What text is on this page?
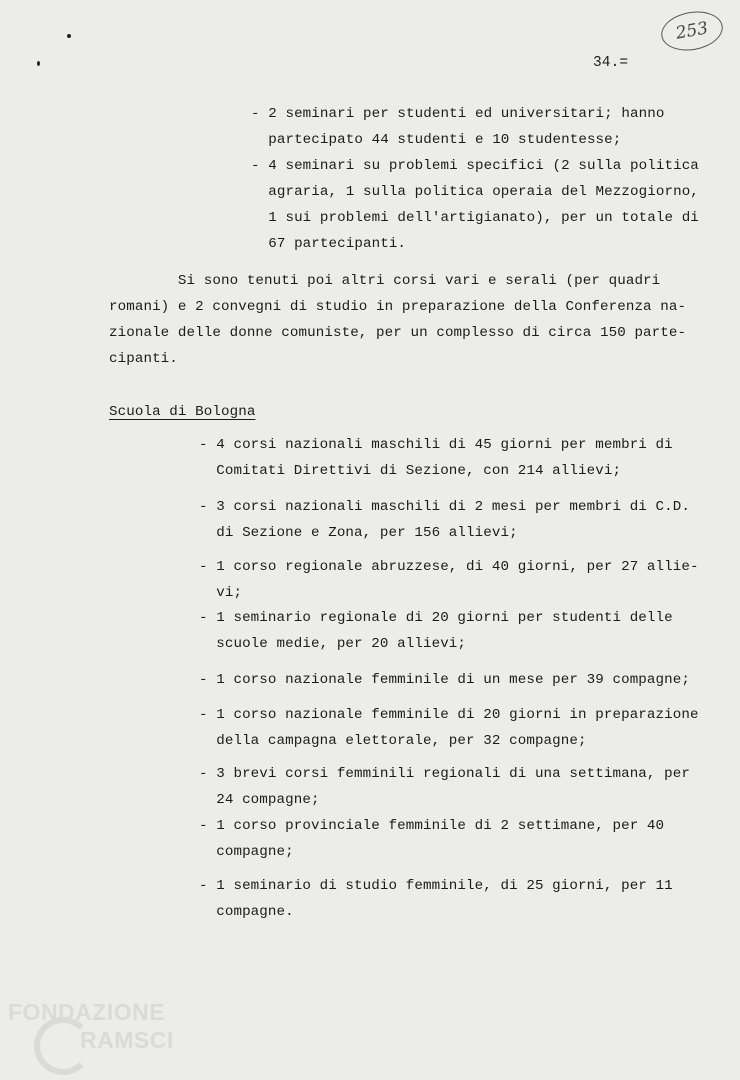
253
34.=
- 2 seminari per studenti ed universitari; hanno
partecipato 44 studenti e 10 studentesse;
- 4 seminari su problemi specifici (2 sulla politica
agraria, 1 sulla politica operaia del Mezzogiorno,
1 sui problemi dell'artigianato), per un totale di
67 partecipanti.
Si sono tenuti poi altri corsi vari e serali (per quadri
romani) e 2 convegni di studio in preparazione della Conferenza na-
zionale delle donne comuniste, per un complesso di circa 150 parte-
cipanti.
Scuola di Bologna
- 4 corsi nazionali maschili di 45 giorni per membri di
Comitati Direttivi di Sezione, con 214 allievi;
- 3 corsi nazionali maschili di 2 mesi per membri di C.D.
di Sezione e Zona, per 156 allievi;
- 1 corso regionale abruzzese, di 40 giorni, per 27 allie-
vi;
- 1 seminario regionale di 20 giorni per studenti delle
scuole medie, per 20 allievi;
- 1 corso nazionale femminile di un mese per 39 compagne;
- 1 corso nazionale femminile di 20 giorni in preparazione
della campagna elettorale, per 32 compagne;
- 3 brevi corsi femminili regionali di una settimana, per
24 compagne;
- 1 corso provinciale femminile di 2 settimane, per 40
compagne;
- 1 seminario di studio femminile, di 25 giorni, per 11
compagne.
FONDAZIONE
RAMSCI
